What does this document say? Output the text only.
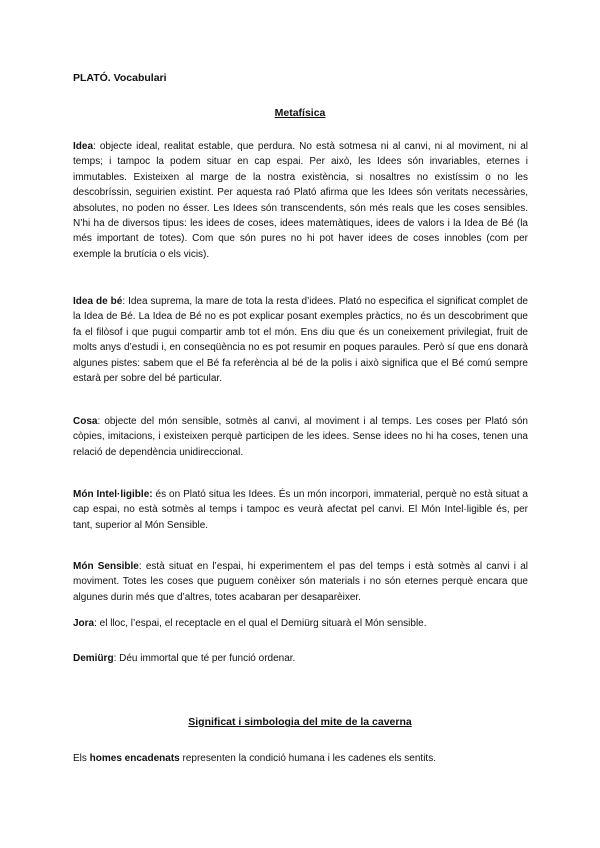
PLATÓ. Vocabulari

Metafísica

Idea: objecte ideal, realitat estable, que perdura. No està sotmesa ni al canvi, ni al moviment, ni al temps; i tampoc la podem situar en cap espai. Per això, les Idees són invariables, eternes i immutables. Existeixen al marge de la nostra existència, si nosaltres no existíssim o no les descobríssin, seguirien existint. Per aquesta raó Plató afirma que les Idees són veritats necessàries, absolutes, no poden no ésser. Les Idees són transcendents, són més reals que les coses sensibles. N’hi ha de diversos tipus: les idees de coses, idees matemàtiques, idees de valors i la Idea de Bé (la més important de totes). Com que són pures no hi pot haver idees de coses innobles (com per exemple la brutícia o els vicis).

Idea de bé: Idea suprema, la mare de tota la resta d’idees. Plató no especifica el significat complet de la Idea de Bé. La Idea de Bé no es pot explicar posant exemples pràctics, no és un descobriment que fa el filòsof i que pugui compartir amb tot el món. Ens diu que és un coneixement privilegiat, fruit de molts anys d’estudi i, en conseqüència no es pot resumir en poques paraules. Però sí que ens donarà algunes pistes: sabem que el Bé fa referència al bé de la polis i això significa que el Bé comú sempre estarà per sobre del bé particular.

Cosa: objecte del món sensible, sotmès al canvi, al moviment i al temps. Les coses per Plató són còpies, imitacions, i existeixen perquè participen de les idees. Sense idees no hi ha coses, tenen una relació de dependència unidireccional.

Món Intel·ligible: és on Plató situa les Idees. És un món incorpori, immaterial, perquè no està situat a cap espai, no està sotmès al temps i tampoc es veurà afectat pel canvi. El Món Intel·ligible és, per tant, superior al Món Sensible.

Món Sensible: està situat en l’espai, hi experimentem el pas del temps i està sotmès al canvi i al moviment. Totes les coses que puguem conèixer són materials i no són eternes perquè encara que algunes durin més que d’altres, totes acabaran per desaparèixer.

Jora: el lloc, l’espai, el receptacle en el qual el Demiürg situarà el Món sensible.

Demiürg: Déu immortal que té per funció ordenar.

Significat i simbologia del mite de la caverna

Els homes encadenats representen la condició humana i les cadenes els sentits.
